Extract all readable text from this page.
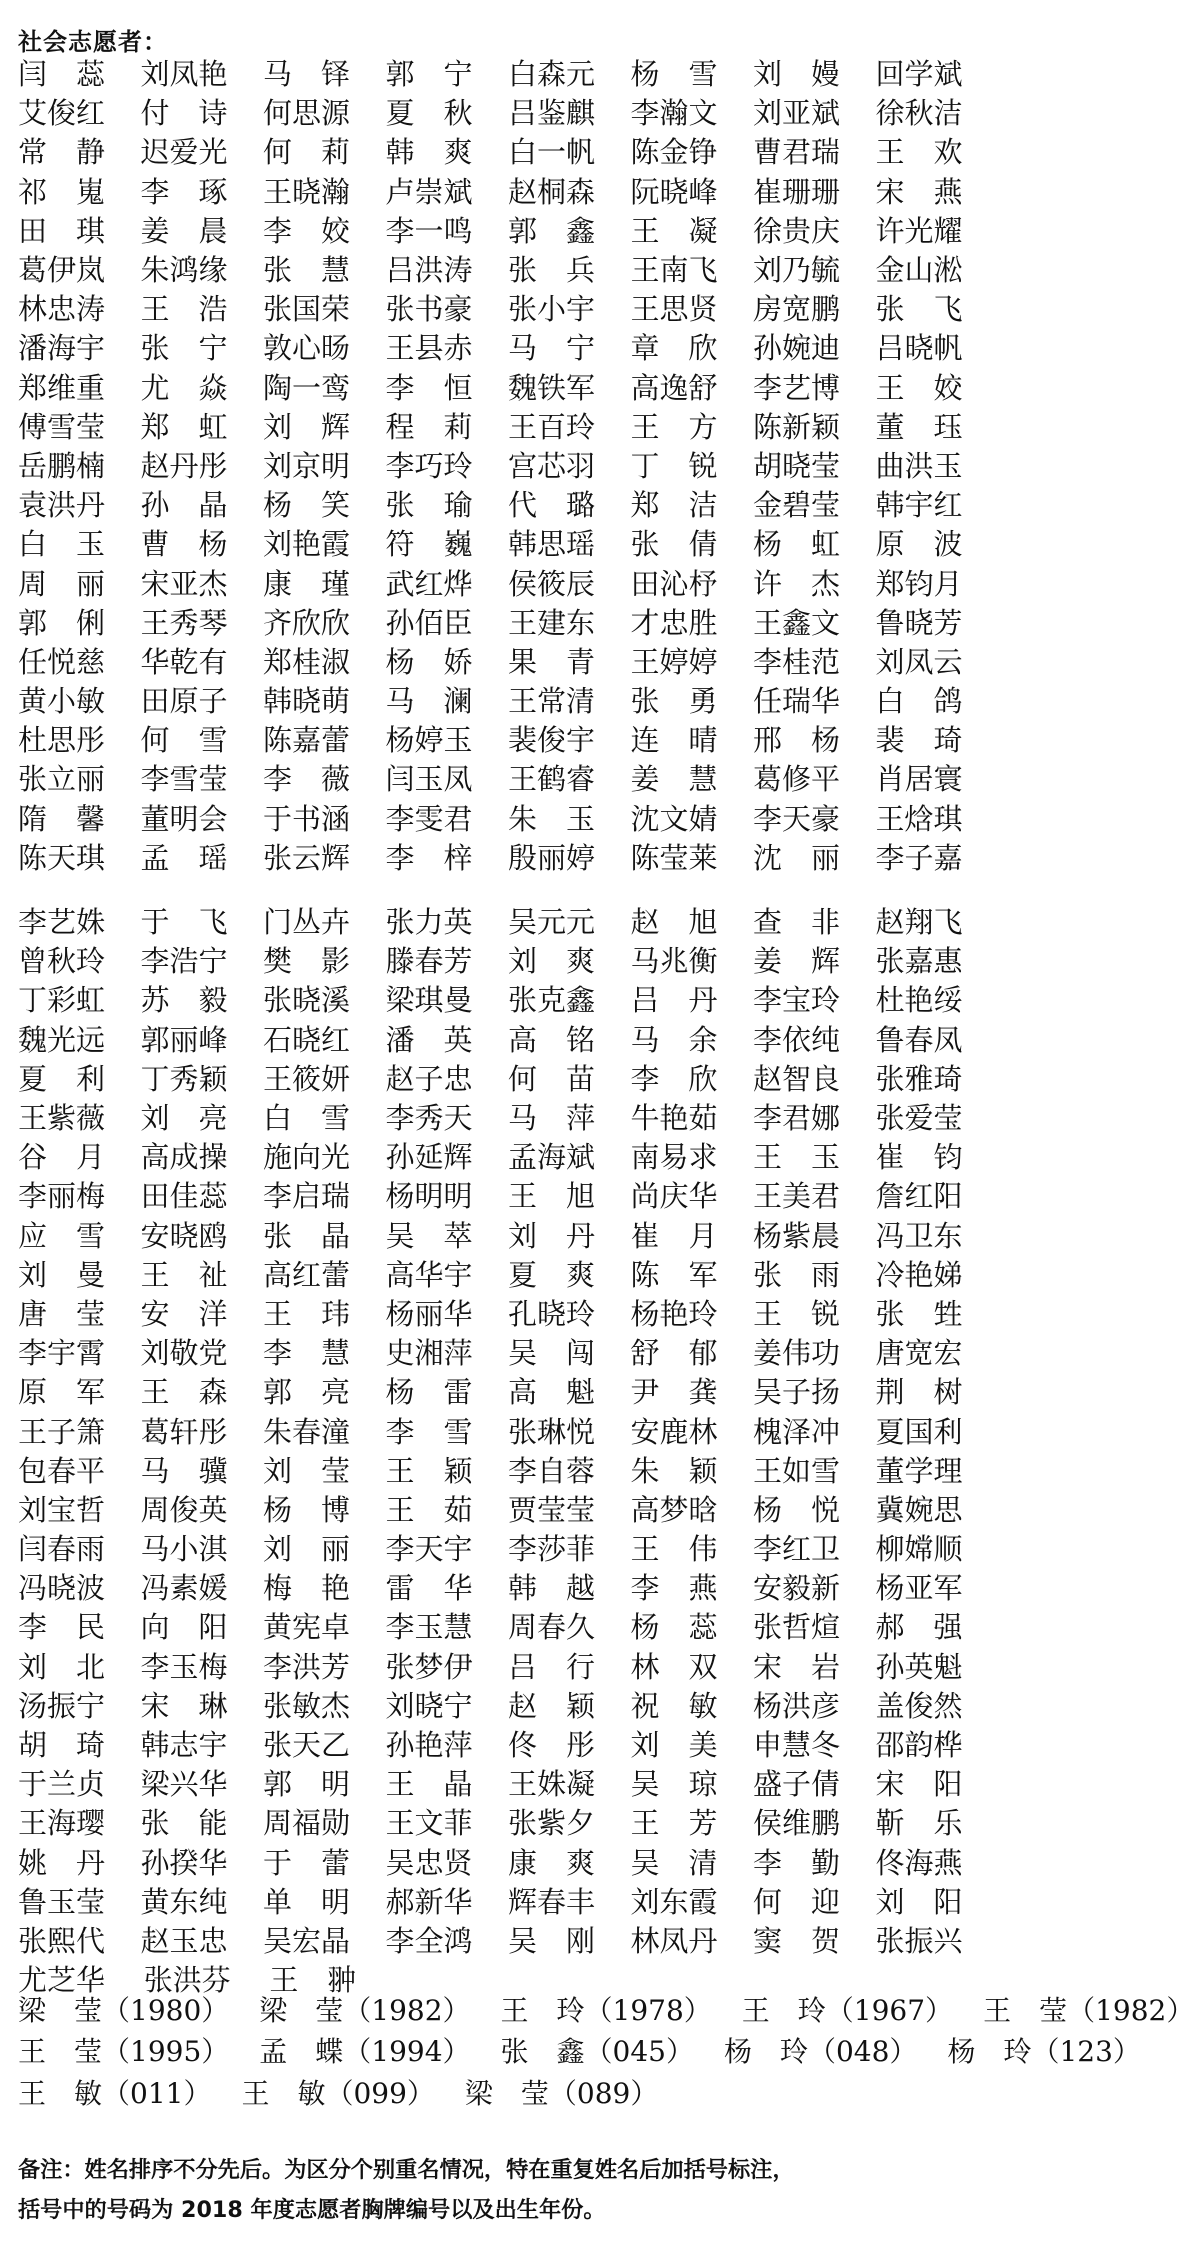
社会志愿者：
闫　蕊	刘凤艳	马　铎	郭　宁	白森元	杨　雪	刘　嫚	回学斌
艾俊红	付　诗	何思源	夏　秋	吕鉴麒	李瀚文	刘亚斌	徐秋洁
常　静	迟爱光	何　莉	韩　爽	白一帆	陈金铮	曹君瑞	王　欢
祁　嵬	李　琢	王晓瀚	卢崇斌	赵桐森	阮晓峰	崔珊珊	宋　燕
田　琪	姜　晨	李　姣	李一鸣	郭　鑫	王　凝	徐贵庆	许光耀
葛伊岚	朱鸿缘	张　慧	吕洪涛	张　兵	王南飞	刘乃毓	金山淞
林忠涛	王　浩	张国荣	张书豪	张小宇	王思贤	房宽鹏	张　飞
潘海宇	张　宁	敦心旸	王县赤	马　宁	章　欣	孙婉迪	吕晓帆
郑维重	尤　焱	陶一鸾	李　恒	魏铁军	高逸舒	李艺博	王　姣
傅雪莹	郑　虹	刘　辉	程　莉	王百玲	王　方	陈新颖	董　珏
岳鹏楠	赵丹彤	刘京明	李巧玲	宫芯羽	丁　锐	胡晓莹	曲洪玉
袁洪丹	孙　晶	杨　笑	张　瑜	代　璐	郑　洁	金碧莹	韩宇红
白　玉	曹　杨	刘艳霞	符　巍	韩思瑶	张　倩	杨　虹	原　波
周　丽	宋亚杰	康　瑾	武红烨	侯筱辰	田沁杼	许　杰	郑钧月
郭　俐	王秀琴	齐欣欣	孙佰臣	王建东	才忠胜	王鑫文	鲁晓芳
任悦慈	华乾有	郑桂淑	杨　娇	果　青	王婷婷	李桂范	刘凤云
黄小敏	田原子	韩晓萌	马　澜	王常清	张　勇	任瑞华	白　鸽
杜思彤	何　雪	陈嘉蕾	杨婷玉	裴俊宇	连　晴	邢　杨	裴　琦
张立丽	李雪莹	李　薇	闫玉凤	王鹤睿	姜　慧	葛修平	肖居寰
隋　馨	董明会	于书涵	李雯君	朱　玉	沈文婧	李天豪	王焓琪
陈天琪	孟　瑶	张云辉	李　梓	殷丽婷	陈莹莱	沈　丽	李子嘉
李艺姝	于　飞	门丛卉	张力英	吴元元	赵　旭	查　非	赵翔飞
曾秋玲	李浩宁	樊　影	滕春芳	刘　爽	马兆衡	姜　辉	张嘉惠
丁彩虹	苏　毅	张晓溪	梁琪曼	张克鑫	吕　丹	李宝玲	杜艳绥
魏光远	郭丽峰	石晓红	潘　英	高　铭	马　余	李依纯	鲁春凤
夏　利	丁秀颖	王筱妍	赵子忠	何　苗	李　欣	赵智良	张雅琦
王紫薇	刘　亮	白　雪	李秀天	马　萍	牛艳茹	李君娜	张爱莹
谷　月	高成操	施向光	孙延辉	孟海斌	南易求	王　玉	崔　钧
李丽梅	田佳蕊	李启瑞	杨明明	王　旭	尚庆华	王美君	詹红阳
应　雪	安晓鸥	张　晶	吴　萃	刘　丹	崔　月	杨紫晨	冯卫东
刘　曼	王　祉	高红蕾	高华宇	夏　爽	陈　军	张　雨	冷艳娣
唐　莹	安　洋	王　玮	杨丽华	孔晓玲	杨艳玲	王　锐	张　甡
李宇霄	刘敬党	李　慧	史湘萍	吴　闯	舒　郁	姜伟功	唐宽宏
原　军	王　森	郭　亮	杨　雷	高　魁	尹　龚	吴子扬	荆　树
王子箫	葛轩彤	朱春潼	李　雪	张琳悦	安鹿林	槐泽冲	夏国利
包春平	马　骥	刘　莹	王　颖	李自蓉	朱　颖	王如雪	董学理
刘宝哲	周俊英	杨　博	王　茹	贾莹莹	高梦晗	杨　悦	冀婉思
闫春雨	马小淇	刘　丽	李天宇	李莎菲	王　伟	李红卫	柳嫦顺
冯晓波	冯素媛	梅　艳	雷　华	韩　越	李　燕	安毅新	杨亚军
李　民	向　阳	黄宪卓	李玉慧	周春久	杨　蕊	张哲煊	郝　强
刘　北	李玉梅	李洪芳	张梦伊	吕　行	林　双	宋　岩	孙英魁
汤振宁	宋　琳	张敏杰	刘晓宁	赵　颖	祝　敏	杨洪彦	盖俊然
胡　琦	韩志宇	张天乙	孙艳萍	佟　彤	刘　美	申慧冬	邵韵桦
于兰贞	梁兴华	郭　明	王　晶	王姝凝	吴　琼	盛子倩	宋　阳
王海璎	张　能	周福勋	王文菲	张紫夕	王　芳	侯维鹏	靳　乐
姚　丹	孙揆华	于　蕾	吴忠贤	康　爽	吴　清	李　勤	佟海燕
鲁玉莹	黄东纯	单　明	郝新华	辉春丰	刘东霞	何　迎	刘　阳
张熙代	赵玉忠	吴宏晶	李全鸿	吴　刚	林凤丹	窦　贺	张振兴
尤芝华	张洪芬	王　翀
梁　莹（1980） 梁　莹（1982） 王　玲（1978） 王　玲（1967） 王　莹（1982）
王　莹（1995） 孟　蝶（1994） 张　鑫（045） 杨　玲（048） 杨　玲（123）
王　敏（011） 王　敏（099） 梁　莹（089）
备注：姓名排序不分先后。为区分个别重名情况，特在重复姓名后加括号标注，
括号中的号码为 2018 年度志愿者胸牌编号以及出生年份。
